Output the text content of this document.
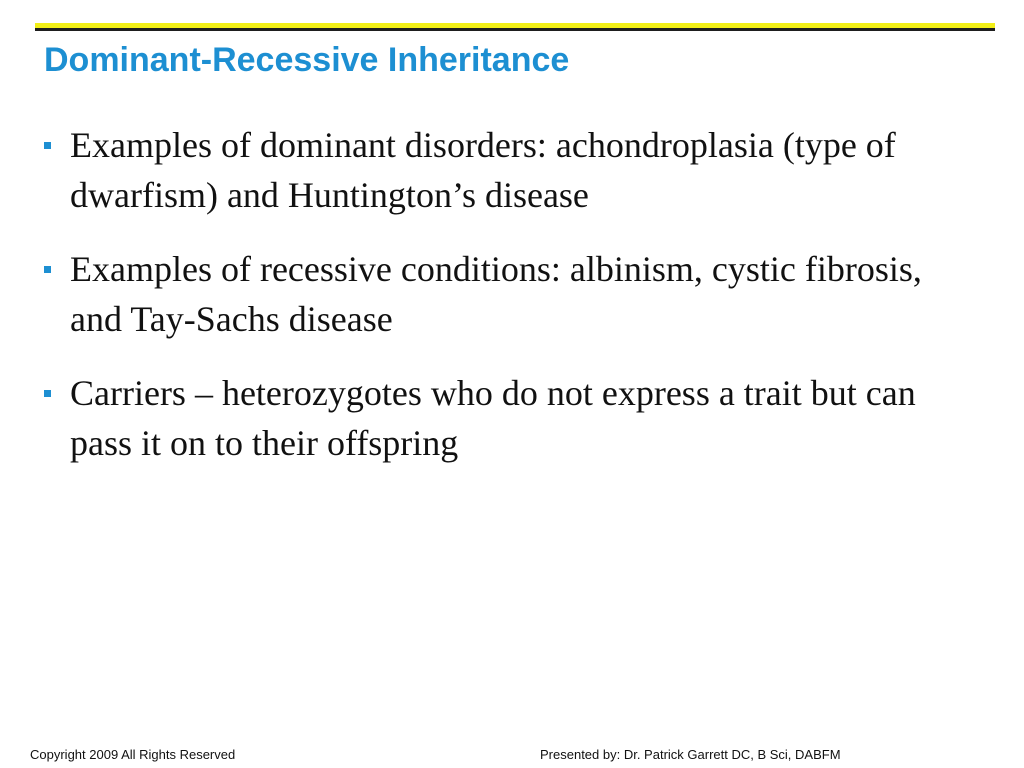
Dominant-Recessive Inheritance
Examples of dominant disorders: achondroplasia (type of dwarfism) and Huntington’s disease
Examples of recessive conditions: albinism, cystic fibrosis, and Tay-Sachs disease
Carriers – heterozygotes who do not express a trait but can pass it on to their offspring
Copyright 2009 All Rights Reserved	Presented by: Dr. Patrick Garrett DC, B Sci, DABFM
